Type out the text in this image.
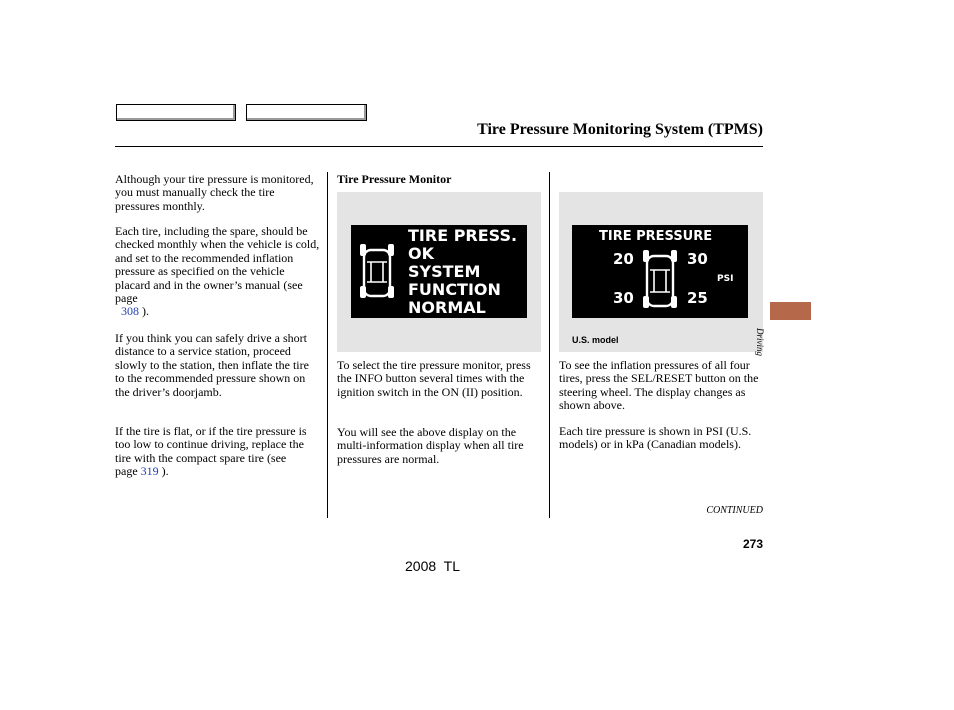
Tire Pressure Monitoring System (TPMS)

Although your tire pressure is monitored, you must manually check the tire pressures monthly.

Each tire, including the spare, should be checked monthly when the vehicle is cold, and set to the recommended inflation pressure as specified on the vehicle placard and in the owner’s manual (see page
308 ).

If you think you can safely drive a short distance to a service station, proceed slowly to the station, then inflate the tire to the recommended pressure shown on the driver’s doorjamb.

If the tire is flat, or if the tire pressure is too low to continue driving, replace the tire with the compact spare tire (see page 319 ).

Tire Pressure Monitor
TIRE PRESS.
OK
SYSTEM
FUNCTION
NORMAL

To select the tire pressure monitor, press the INFO button several times with the ignition switch in the ON (II) position.

You will see the above display on the multi-information display when all tire pressures are normal.

TIRE PRESSURE
20	30
PSI
30	25
U.S. model

To see the inflation pressures of all four tires, press the SEL/RESET button on the steering wheel. The display changes as shown above.

Each tire pressure is shown in PSI (U.S. models) or in kPa (Canadian models).

Driving
CONTINUED
273
2008  TL
